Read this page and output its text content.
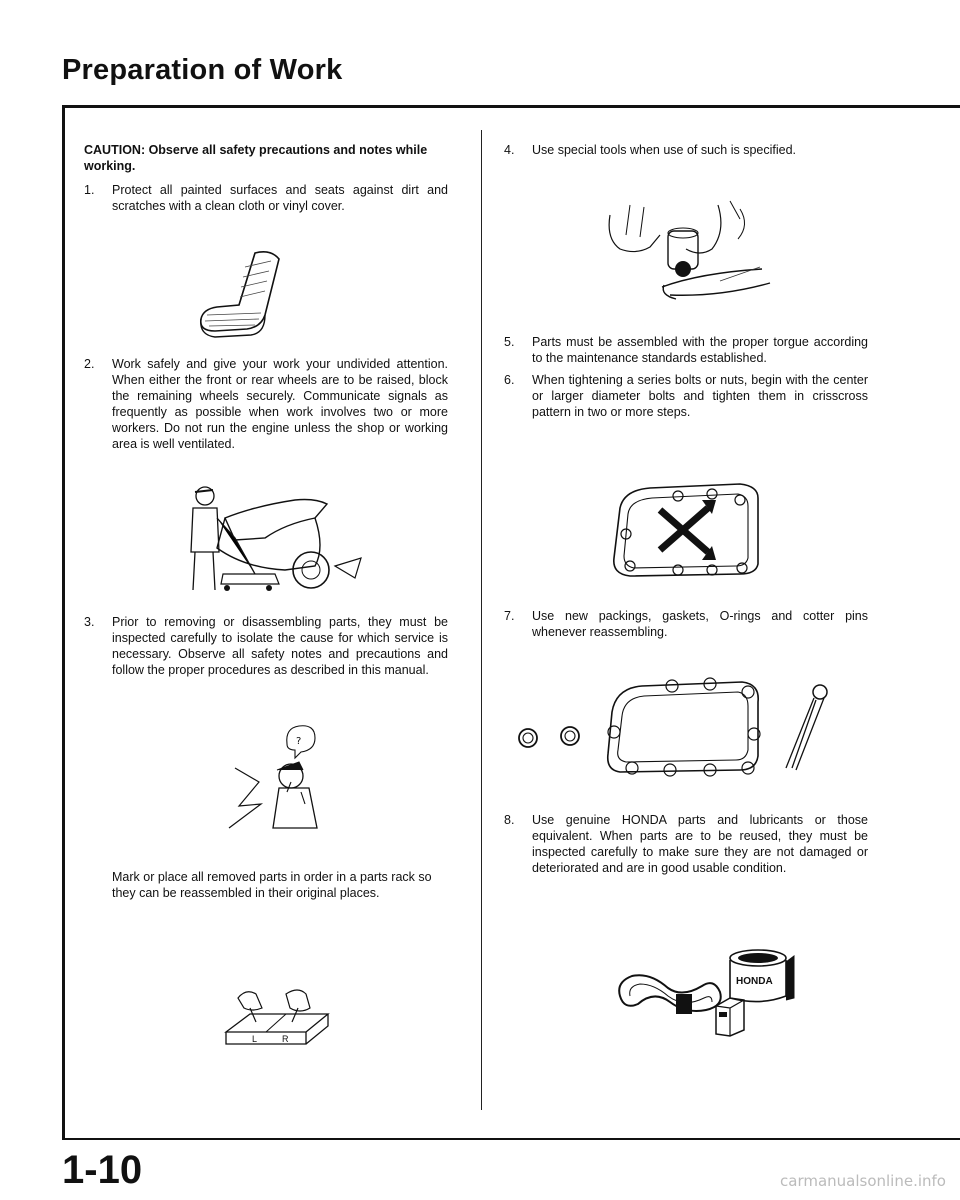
Preparation of Work
CAUTION: Observe all safety precautions and notes while working.
1.	Protect all painted surfaces and seats against dirt and scratches with a clean cloth or vinyl cover.
2.	Work safely and give your work your undivided attention. When either the front or rear wheels are to be raised, block the remaining wheels securely. Communicate signals as frequently as possible when work involves two or more workers. Do not run the engine unless the shop or working area is well ventilated.
3.	Prior to removing or disassembling parts, they must be inspected carefully to isolate the cause for which service is necessary. Observe all safety notes and precautions and follow the proper procedures as described in this manual.
?
Mark or place all removed parts in order in a parts rack so they can be reassembled in their original places.
L	R
4.	Use special tools when use of such is specified.
5.	Parts must be assembled with the proper torgue according to the maintenance standards established.
6.	When tightening a series bolts or nuts, begin with the center or larger diameter bolts and tighten them in crisscross pattern in two or more steps.
7.	Use new packings, gaskets, O-rings and cotter pins whenever reassembling.
8.	Use genuine HONDA parts and lubricants or those equivalent. When parts are to be reused, they must be inspected carefully to make sure they are not damaged or deteriorated and are in good usable condition.
HONDA
1-10	carmanualsonline.info
